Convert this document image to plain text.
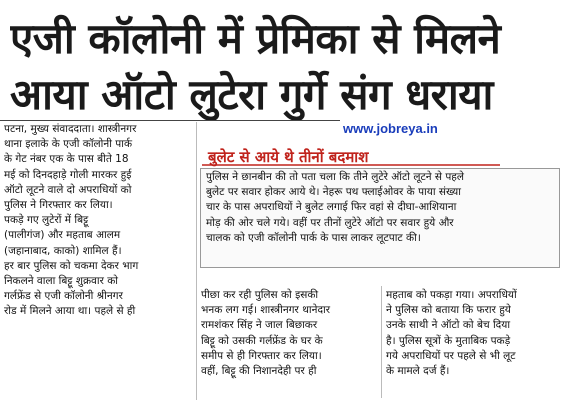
एजी कॉलोनी में प्रेमिका से मिलने
आया ऑटो लुटेरा गुर्गे संग धराया
www.jobreya.in

पटना, मुख्य संवाददाता। शास्त्रीनगर
थाना इलाके के एजी कॉलोनी पार्क
के गेट नंबर एक के पास बीते 18
मई को दिनदहाड़े गोली मारकर हुई
ऑटो लूटने वाले दो अपराधियों को
पुलिस ने गिरफ्तार कर लिया।

पकड़े गए लुटेरों में बिट्टू
(पालीगंज) और महताब आलम
(जहानाबाद, काको) शामिल हैं।
हर बार पुलिस को चकमा देकर भाग
निकलने वाला बिट्टू शुक्रवार को
गर्लफ्रेंड से एजी कॉलोनी श्रीनगर
रोड में मिलने आया था। पहले से ही

बुलेट से आये थे तीनों बदमाश

पुलिस ने छानबीन की तो पता चला कि तीने लुटेरे ऑटो लूटने से पहले
बुलेट पर सवार होकर आये थे। नेहरू पथ फ्लाईओवर के पाया संख्या
चार के पास अपराधियों ने बुलेट लगाई फिर वहां से दीघा-आशियाना
मोड़ की ओर चले गये। वहीं पर तीनों लुटेरे ऑटो पर सवार हुये और
चालक को एजी कॉलोनी पार्क के पास लाकर लूटपाट की।

पीछा कर रही पुलिस को इसकी
भनक लग गई। शास्त्रीनगर थानेदार
रामशंकर सिंह ने जाल बिछाकर
बिट्टू को उसकी गर्लफ्रेंड के घर के
समीप से ही गिरफ्तार कर लिया।
वहीं, बिट्टू की निशानदेही पर ही

महताब को पकड़ा गया। अपराधियों
ने पुलिस को बताया कि फरार हुये
उनके साथी ने ऑटो को बेच दिया
है। पुलिस सूत्रों के मुताबिक पकड़े
गये अपराधियों पर पहले से भी लूट
के मामले दर्ज हैं।
